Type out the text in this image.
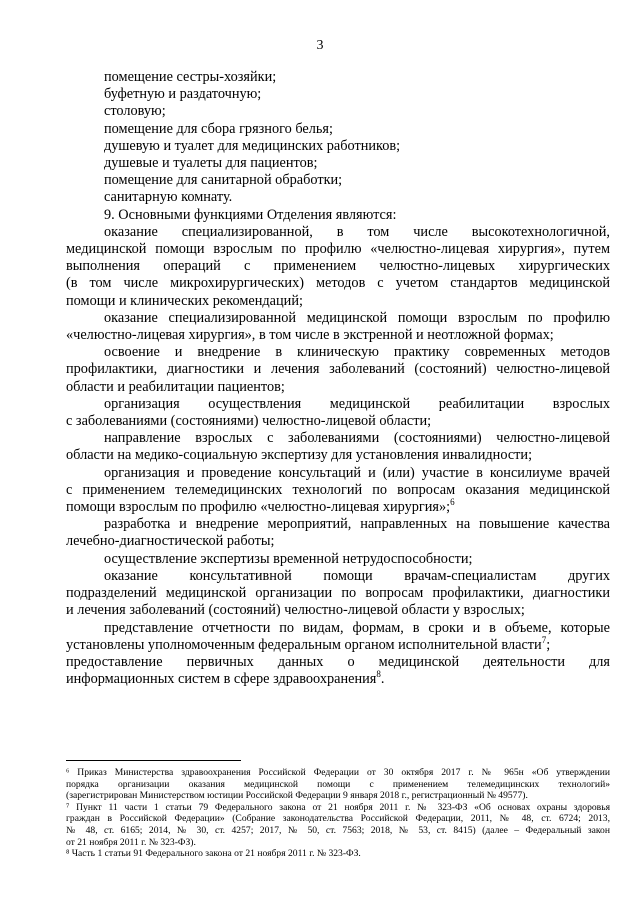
3
помещение сестры-хозяйки;
буфетную и раздаточную;
столовую;
помещение для сбора грязного белья;
душевую и туалет для медицинских работников;
душевые и туалеты для пациентов;
помещение для санитарной обработки;
санитарную комнату.
9. Основными функциями Отделения являются:
оказание специализированной, в том числе высокотехнологичной,
медицинской помощи взрослым по профилю «челюстно-лицевая хирургия», путем
выполнения операций с применением челюстно-лицевых хирургических
(в том числе микрохирургических) методов с учетом стандартов медицинской
помощи и клинических рекомендаций;
оказание специализированной медицинской помощи взрослым по профилю
«челюстно-лицевая хирургия», в том числе в экстренной и неотложной формах;
освоение и внедрение в клиническую практику современных методов
профилактики, диагностики и лечения заболеваний (состояний) челюстно-лицевой
области и реабилитации пациентов;
организация осуществления медицинской реабилитации взрослых
с заболеваниями (состояниями) челюстно-лицевой области;
направление взрослых с заболеваниями (состояниями) челюстно-лицевой
области на медико-социальную экспертизу для установления инвалидности;
организация и проведение консультаций и (или) участие в консилиуме врачей
с применением телемедицинских технологий по вопросам оказания медицинской
помощи взрослым по профилю «челюстно-лицевая хирургия»;$^6$
разработка и внедрение мероприятий, направленных на повышение качества
лечебно-диагностической работы;
осуществление экспертизы временной нетрудоспособности;
оказание консультативной помощи врачам-специалистам других
подразделений медицинской организации по вопросам профилактики, диагностики
и лечения заболеваний (состояний) челюстно-лицевой области у взрослых;
представление отчетности по видам, формам, в сроки и в объеме, которые
установлены уполномоченным федеральным органом исполнительной власти$^7$;
предоставление первичных данных о медицинской деятельности для
информационных систем в сфере здравоохранения$^8$.
⁶ Приказ Министерства здравоохранения Российской Федерации от 30 октября 2017 г. № 965н «Об утверждении
порядка организации оказания медицинской помощи с применением телемедицинских технологий»
(зарегистрирован Министерством юстиции Российской Федерации 9 января 2018 г., регистрационный № 49577).
⁷ Пункт 11 части 1 статьи 79 Федерального закона от 21 ноября 2011 г. № 323-ФЗ «Об основах охраны здоровья
граждан в Российской Федерации» (Собрание законодательства Российской Федерации, 2011, № 48, ст. 6724; 2013,
№ 48, ст. 6165; 2014, № 30, ст. 4257; 2017, № 50, ст. 7563; 2018, № 53, ст. 8415) (далее – Федеральный закон
от 21 ноября 2011 г. № 323-ФЗ).
⁸ Часть 1 статьи 91 Федерального закона от 21 ноября 2011 г. № 323-ФЗ.
